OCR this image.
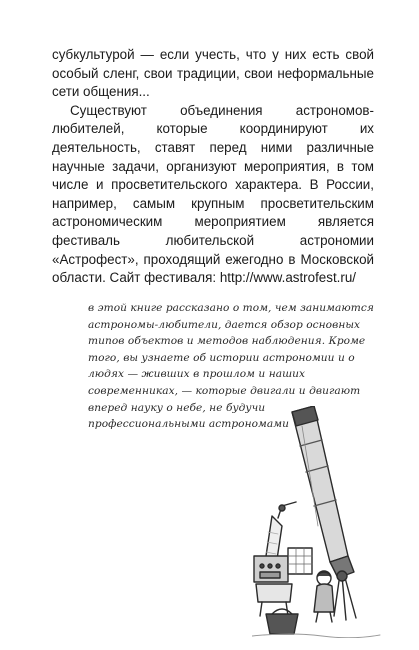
субкультурой — если учесть, что у них есть свой особый сленг, свои традиции, свои неформальные сети общения...

Существуют объединения астрономов-любителей, которые координируют их деятельность, ставят перед ними различные научные задачи, организуют мероприятия, в том числе и просветительского характера. В России, например, самым крупным просветительским астрономическим мероприятием является фестиваль любительской астрономии «Астрофест», проходящий ежегодно в Московской области. Сайт фестиваля: http://www.astrofest.ru/

в этой книге рассказано о том, чем занимаются астрономы-любители, дается обзор основных типов объектов и методов наблюдения. Кроме того, вы узнаете об истории астрономии и о людях — живших в прошлом и наших современниках, — которые двигали и двигают вперед науку о небе, не будучи профессиональными астрономами
